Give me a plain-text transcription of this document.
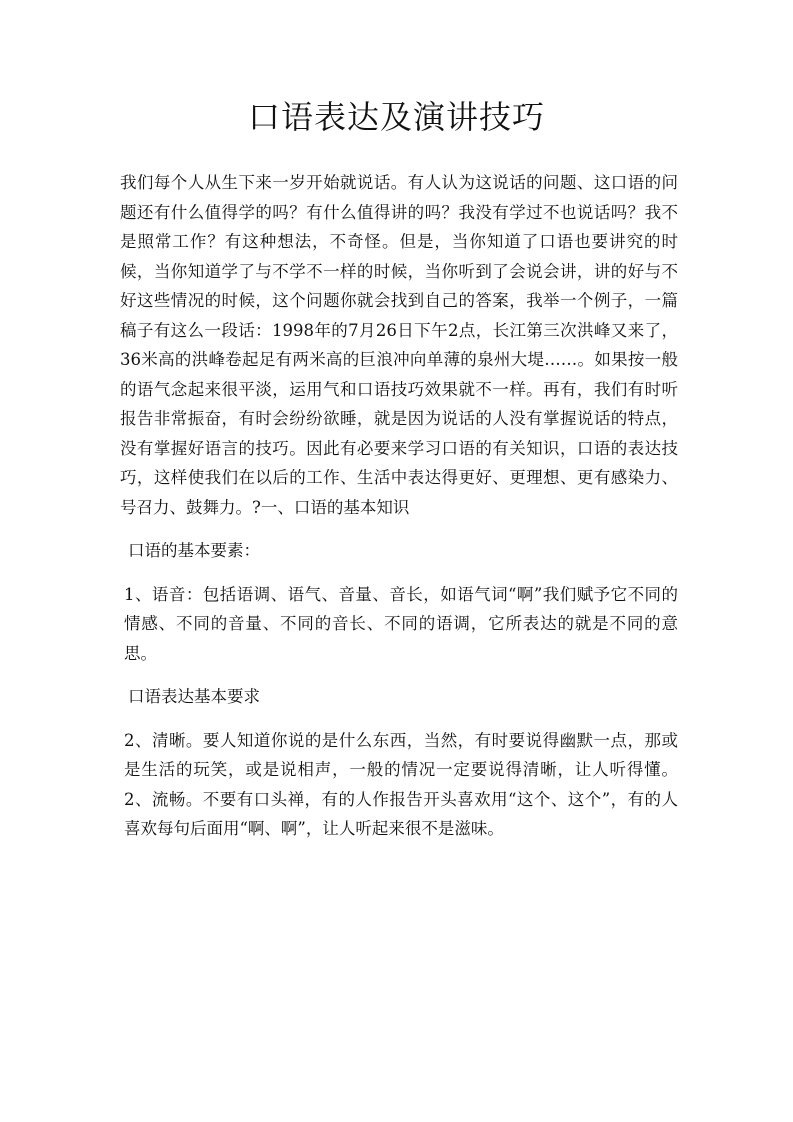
口语表达及演讲技巧

我们每个人从生下来一岁开始就说话。有人认为这说话的问题、这口语的问题还有什么值得学的吗？有什么值得讲的吗？我没有学过不也说话吗？我不是照常工作？有这种想法，不奇怪。但是，当你知道了口语也要讲究的时候，当你知道学了与不学不一样的时候，当你听到了会说会讲，讲的好与不好这些情况的时候，这个问题你就会找到自己的答案，我举一个例子，一篇稿子有这么一段话：1998年的7月26日下午2点，长江第三次洪峰又来了，36米高的洪峰卷起足有两米高的巨浪冲向单薄的泉州大堤……。如果按一般的语气念起来很平淡，运用气和口语技巧效果就不一样。再有，我们有时听报告非常振奋，有时会纷纷欲睡，就是因为说话的人没有掌握说话的特点，没有掌握好语言的技巧。因此有必要来学习口语的有关知识，口语的表达技巧，这样使我们在以后的工作、生活中表达得更好、更理想、更有感染力、号召力、鼓舞力。?一、口语的基本知识

口语的基本要素：

1、语音：包括语调、语气、音量、音长，如语气词“啊”我们赋予它不同的情感、不同的音量、不同的音长、不同的语调，它所表达的就是不同的意思。

口语表达基本要求

2、清晰。要人知道你说的是什么东西，当然，有时要说得幽默一点，那或是生活的玩笑，或是说相声，一般的情况一定要说得清晰，让人听得懂。2、流畅。不要有口头禅，有的人作报告开头喜欢用“这个、这个”，有的人喜欢每句后面用“啊、啊”，让人听起来很不是滋味。
